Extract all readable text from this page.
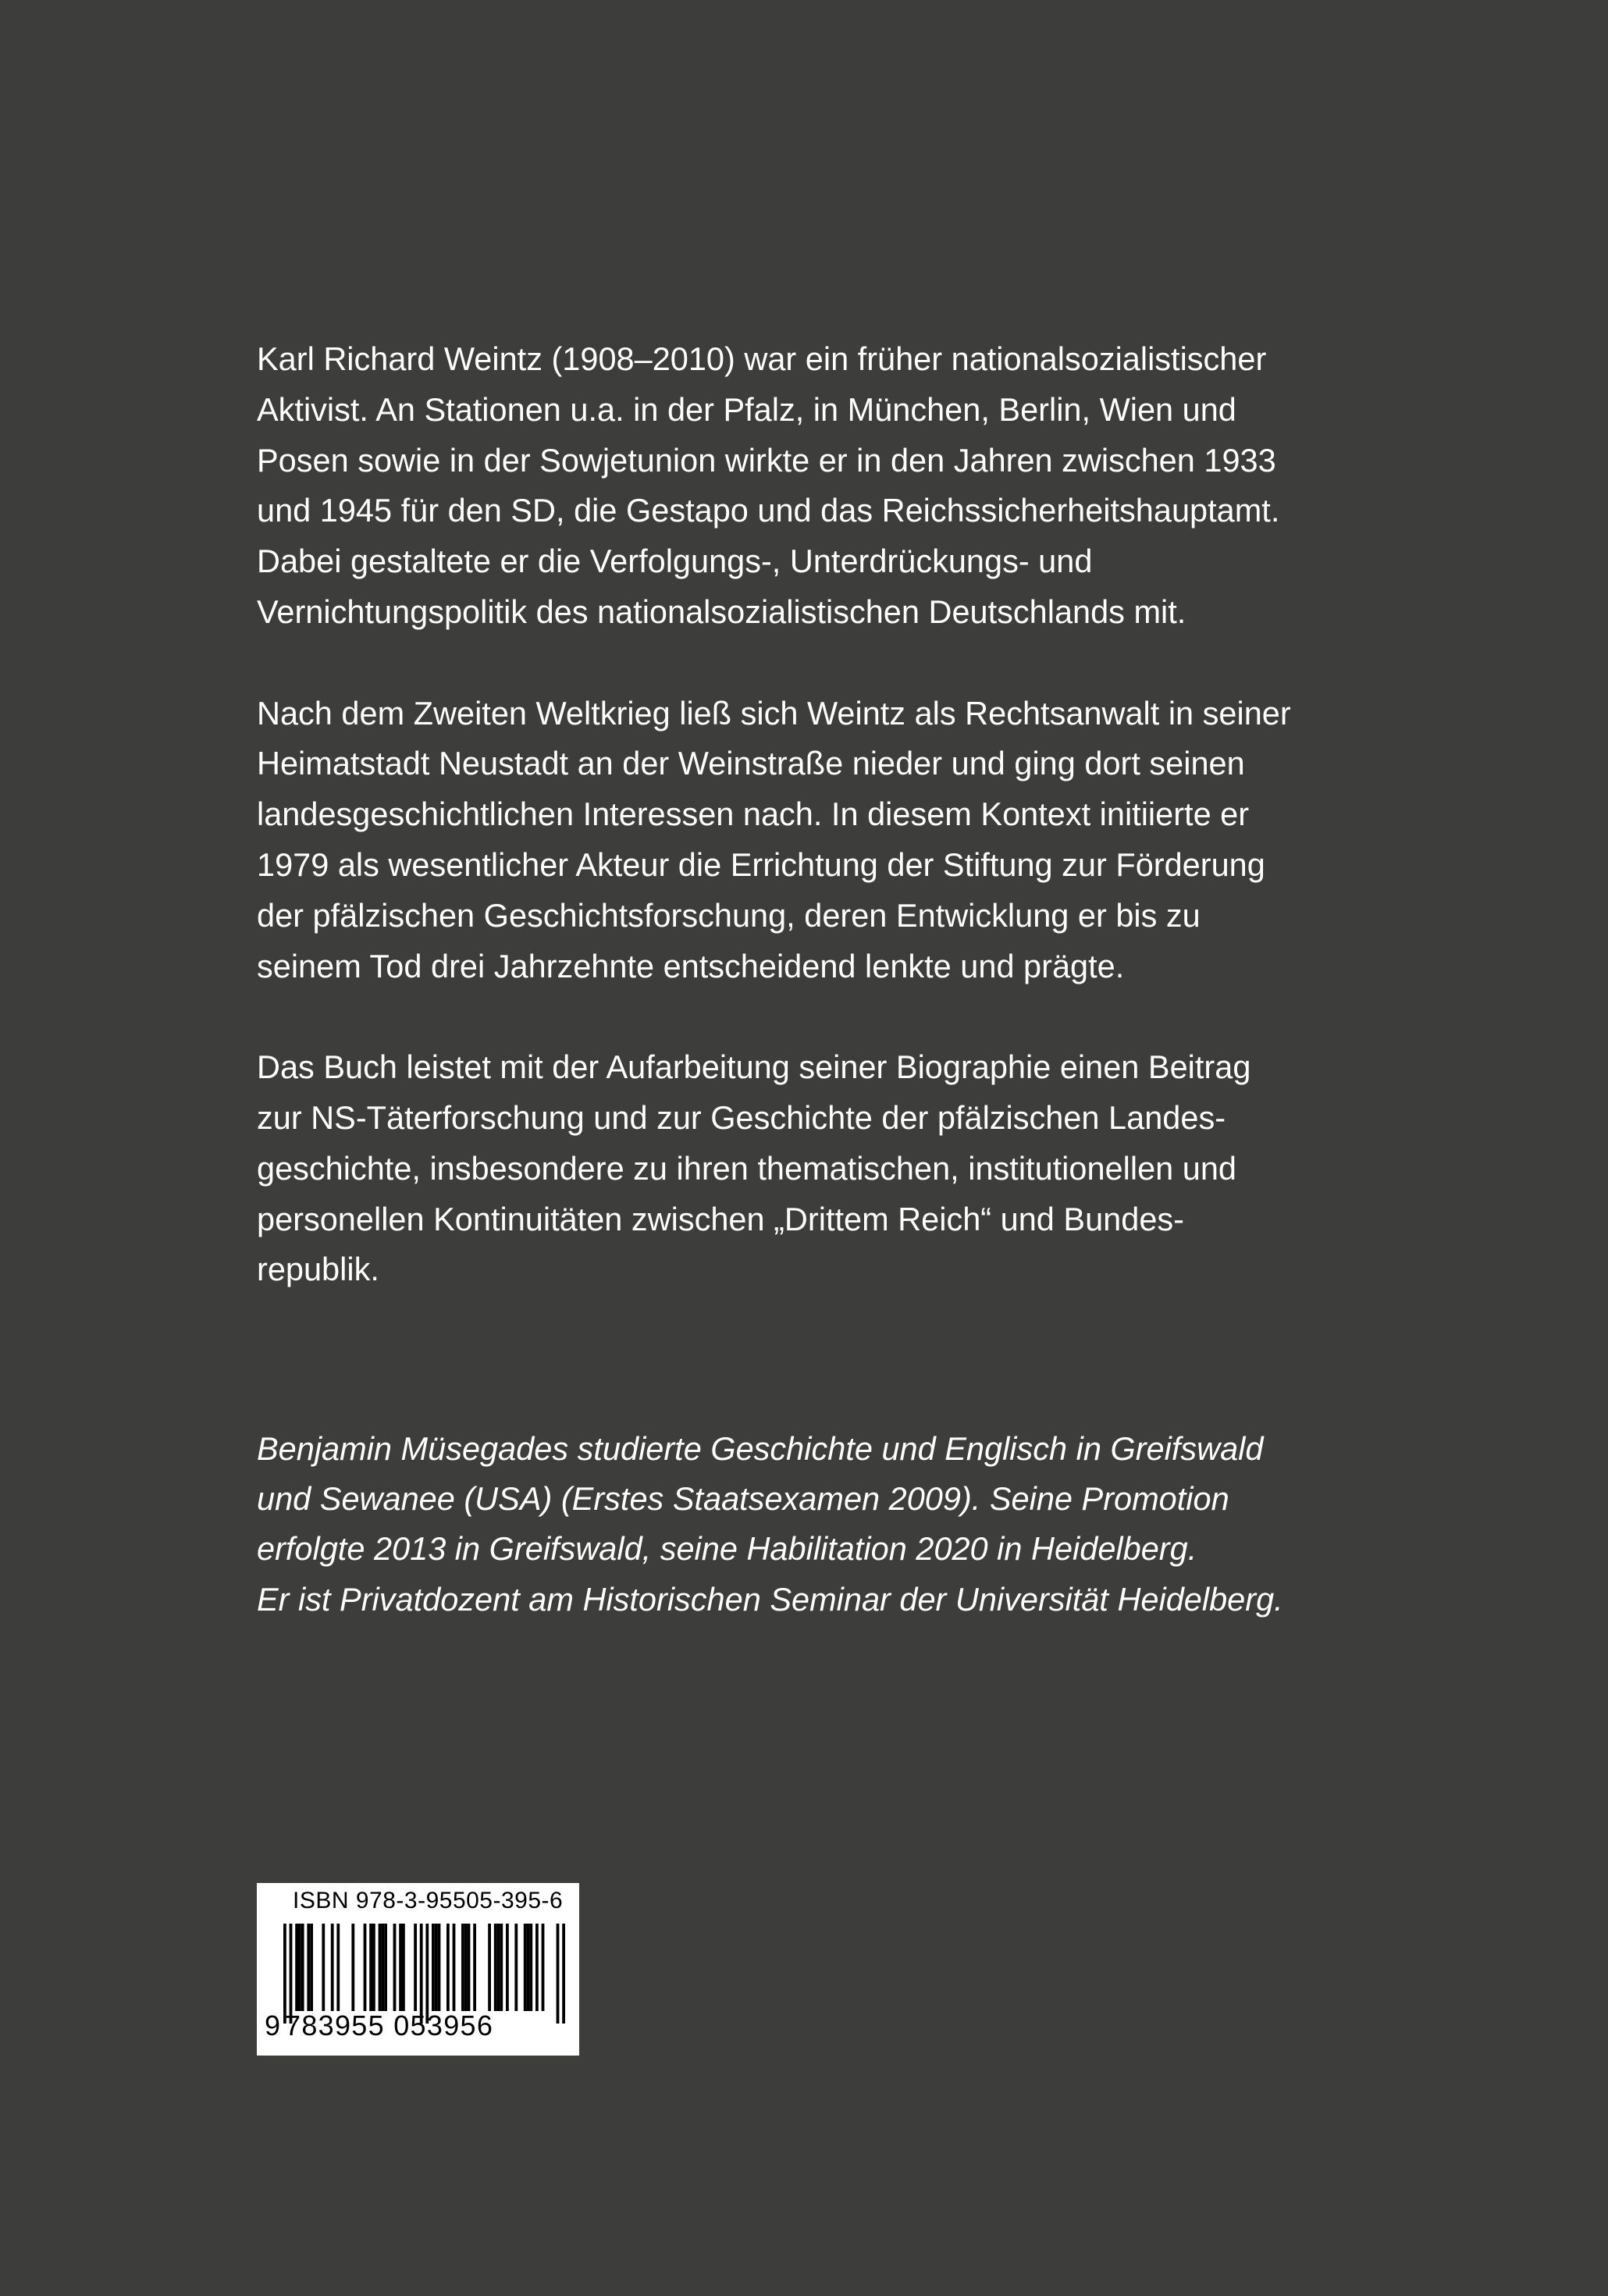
Karl Richard Weintz (1908–2010) war ein früher nationalsozialistischer
Aktivist. An Stationen u.a. in der Pfalz, in München, Berlin, Wien und
Posen sowie in der Sowjetunion wirkte er in den Jahren zwischen 1933
und 1945 für den SD, die Gestapo und das Reichssicherheitshauptamt.
Dabei gestaltete er die Verfolgungs-, Unterdrückungs- und
Vernichtungspolitik des nationalsozialistischen Deutschlands mit.

Nach dem Zweiten Weltkrieg ließ sich Weintz als Rechtsanwalt in seiner
Heimatstadt Neustadt an der Weinstraße nieder und ging dort seinen
landesgeschichtlichen Interessen nach. In diesem Kontext initiierte er
1979 als wesentlicher Akteur die Errichtung der Stiftung zur Förderung
der pfälzischen Geschichtsforschung, deren Entwicklung er bis zu
seinem Tod drei Jahrzehnte entscheidend lenkte und prägte.

Das Buch leistet mit der Aufarbeitung seiner Biographie einen Beitrag
zur NS-Täterforschung und zur Geschichte der pfälzischen Landes-
geschichte, insbesondere zu ihren thematischen, institutionellen und
personellen Kontinuitäten zwischen „Drittem Reich“ und Bundes-
republik.

Benjamin Müsegades studierte Geschichte und Englisch in Greifswald
und Sewanee (USA) (Erstes Staatsexamen 2009). Seine Promotion
erfolgte 2013 in Greifswald, seine Habilitation 2020 in Heidelberg.
Er ist Privatdozent am Historischen Seminar der Universität Heidelberg.
ISBN 978-3-95505-395-6
9 783955 053956
